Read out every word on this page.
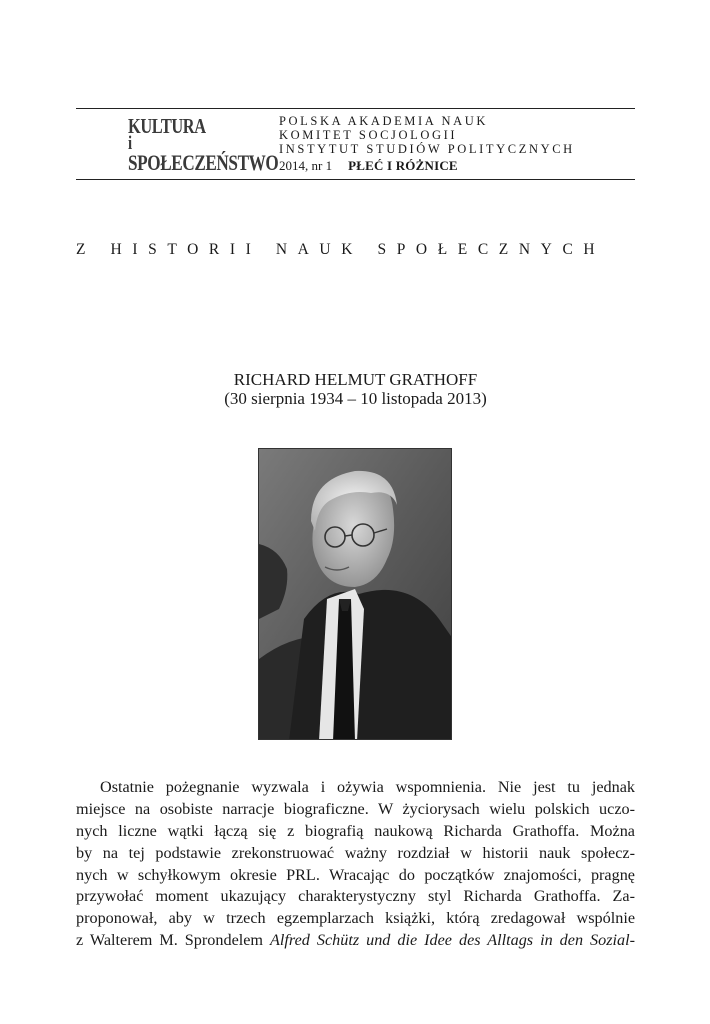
KULTURA
i
SPOŁECZEŃSTWO
POLSKA AKADEMIA NAUK
KOMITET SOCJOLOGII
INSTYTUT STUDIÓW POLITYCZNYCH
2014, nr 1 PŁEĆ I RÓŻNICE
Z HISTORII NAUK SPOŁECZNYCH
RICHARD HELMUT GRATHOFF
(30 sierpnia 1934 – 10 listopada 2013)
Ostatnie pożegnanie wyzwala i ożywia wspomnienia. Nie jest tu jednak
miejsce na osobiste narracje biograficzne. W życiorysach wielu polskich uczo-
nych liczne wątki łączą się z biografią naukową Richarda Grathoffa. Można
by na tej podstawie zrekonstruować ważny rozdział w historii nauk społecz-
nych w schyłkowym okresie PRL. Wracając do początków znajomości, pragnę
przywołać moment ukazujący charakterystyczny styl Richarda Grathoffa. Za-
proponował, aby w trzech egzemplarzach książki, którą zredagował wspólnie
z Walterem M. Sprondelem Alfred Schütz und die Idee des Alltags in den Sozial-
